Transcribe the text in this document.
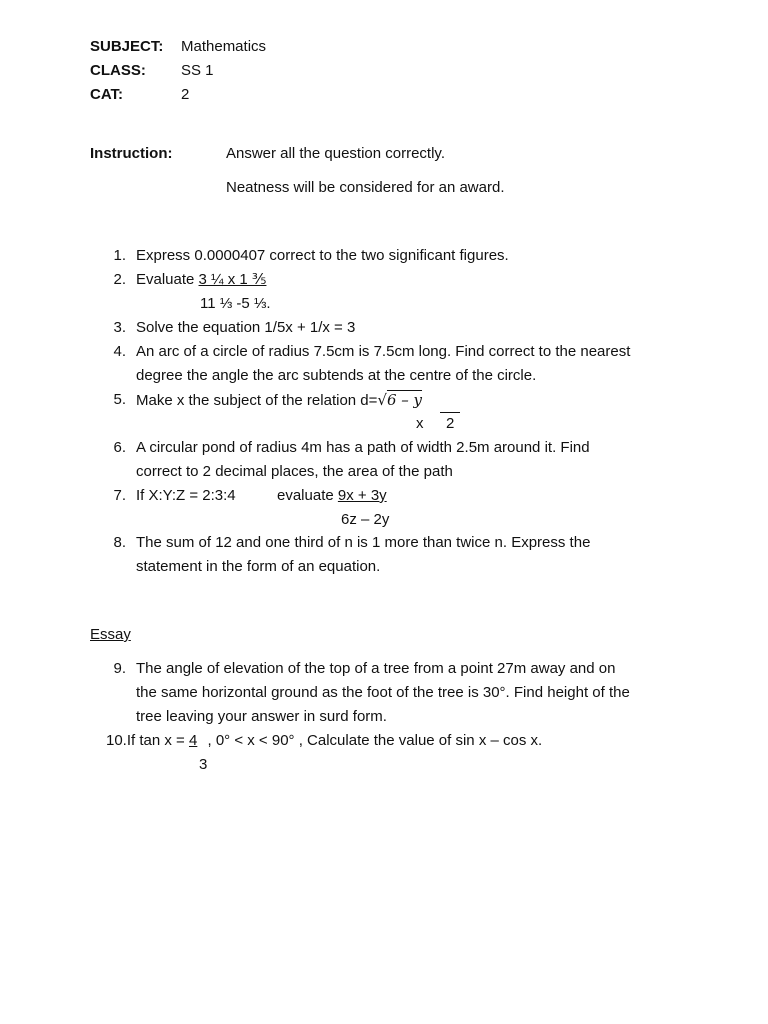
SUBJECT: Mathematics
CLASS: SS 1
CAT:	2
Instruction:	Answer all the question correctly.
Neatness will be considered for an award.
1. Express 0.0000407 correct to the two significant figures.
2. Evaluate 3 ¼ x 1 ⅗
11 ⅓ -5 ⅓.
3. Solve the equation 1/5x + 1/x = 3
4. An arc of a circle of radius 7.5cm is 7.5cm long. Find correct to the nearest
degree the angle the arc subtends at the centre of the circle.
5. Make x the subject of the relation d=√6 – y
x	2
6. A circular pond of radius 4m has a path of width 2.5m around it. Find
correct to 2 decimal places, the area of the path
7. If X:Y:Z = 2:3:4	evaluate 9x + 3y
6z – 2y
8. The sum of 12 and one third of n is 1 more than twice n. Express the
statement in the form of an equation.
Essay
9. The angle of elevation of the top of a tree from a point 27m away and on
the same horizontal ground as the foot of the tree is 30°. Find height of the
tree leaving your answer in surd form.
10.If tan x = 4 , 0° < x < 90° , Calculate the value of sin x – cos x.
3
